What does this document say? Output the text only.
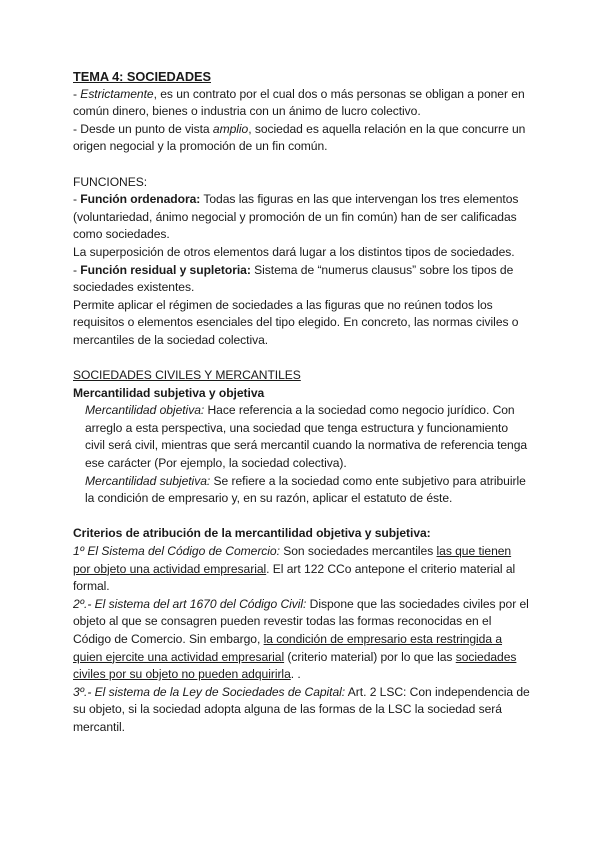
TEMA 4: SOCIEDADES

- Estrictamente, es un contrato por el cual dos o más personas se obligan a poner en común dinero, bienes o industria con un ánimo de lucro colectivo.

- Desde un punto de vista amplio, sociedad es aquella relación en la que concurre un origen negocial y la promoción de un fin común.

FUNCIONES:

- Función ordenadora: Todas las figuras en las que intervengan los tres elementos (voluntariedad, ánimo negocial y promoción de un fin común) han de ser calificadas como sociedades.

La superposición de otros elementos dará lugar a los distintos tipos de sociedades.

- Función residual y supletoria: Sistema de “numerus clausus” sobre los tipos de sociedades existentes.

Permite aplicar el régimen de sociedades a las figuras que no reúnen todos los requisitos o elementos esenciales del tipo elegido. En concreto, las normas civiles o mercantiles de la sociedad colectiva.

SOCIEDADES CIVILES Y MERCANTILES

Mercantilidad subjetiva y objetiva

Mercantilidad objetiva: Hace referencia a la sociedad como negocio jurídico. Con arreglo a esta perspectiva, una sociedad que tenga estructura y funcionamiento civil será civil, mientras que será mercantil cuando la normativa de referencia tenga ese carácter (Por ejemplo, la sociedad colectiva).

Mercantilidad subjetiva: Se refiere a la sociedad como ente subjetivo para atribuirle la condición de empresario y, en su razón, aplicar el estatuto de éste.

Criterios de atribución de la mercantilidad objetiva y subjetiva:

1º El Sistema del Código de Comercio: Son sociedades mercantiles las que tienen por objeto una actividad empresarial. El art 122 CCo antepone el criterio material al formal.

2º.- El sistema del art 1670 del Código Civil: Dispone que las sociedades civiles por el objeto al que se consagren pueden revestir todas las formas reconocidas en el Código de Comercio. Sin embargo, la condición de empresario esta restringida a quien ejercite una actividad empresarial (criterio material) por lo que las sociedades civiles por su objeto no pueden adquirirla. .

3º.- El sistema de la Ley de Sociedades de Capital: Art. 2 LSC: Con independencia de su objeto, si la sociedad adopta alguna de las formas de la LSC la sociedad será mercantil.
